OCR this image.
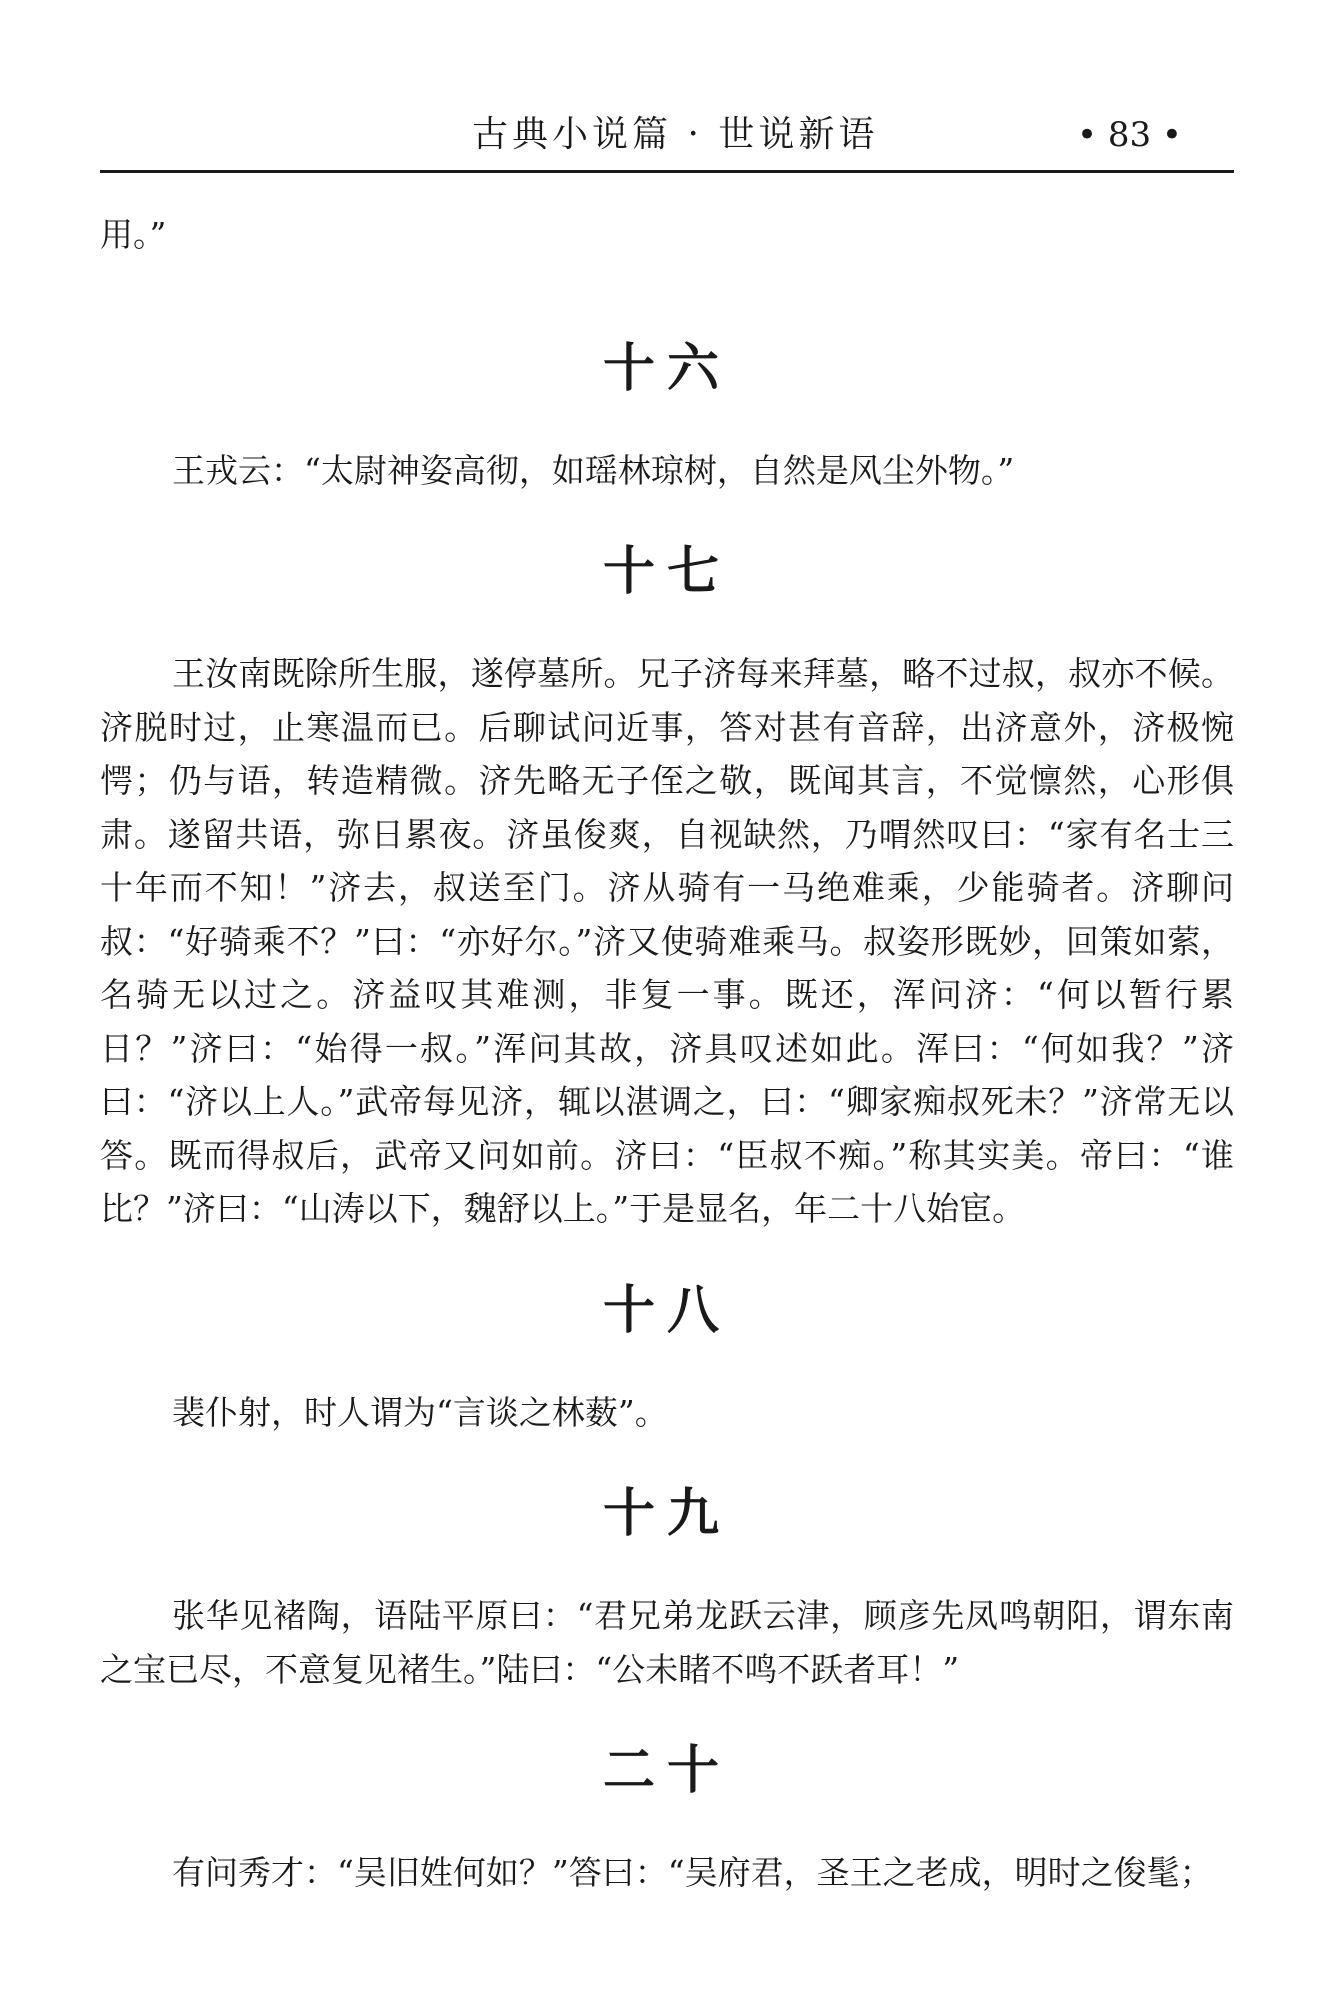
古典小说篇 · 世说新语	• 83 •

用。”

十六

王戎云：“太尉神姿高彻，如瑶林琼树，自然是风尘外物。”

十七

王汝南既除所生服，遂停墓所。兄子济每来拜墓，略不过叔，叔亦不候。济脱时过，止寒温而已。后聊试问近事，答对甚有音辞，出济意外，济极惋愕；仍与语，转造精微。济先略无子侄之敬，既闻其言，不觉懔然，心形俱肃。遂留共语，弥日累夜。济虽俊爽，自视缺然，乃喟然叹曰：“家有名士三十年而不知！”济去，叔送至门。济从骑有一马绝难乘，少能骑者。济聊问叔：“好骑乘不？”曰：“亦好尔。”济又使骑难乘马。叔姿形既妙，回策如萦，名骑无以过之。济益叹其难测，非复一事。既还，浑问济：“何以暂行累日？”济曰：“始得一叔。”浑问其故，济具叹述如此。浑曰：“何如我？”济曰：“济以上人。”武帝每见济，辄以湛调之，曰：“卿家痴叔死未？”济常无以答。既而得叔后，武帝又问如前。济曰：“臣叔不痴。”称其实美。帝曰：“谁比？”济曰：“山涛以下，魏舒以上。”于是显名，年二十八始宦。

十八

裴仆射，时人谓为“言谈之林薮”。

十九

张华见褚陶，语陆平原曰：“君兄弟龙跃云津，顾彦先凤鸣朝阳，谓东南之宝已尽，不意复见褚生。”陆曰：“公未睹不鸣不跃者耳！”

二十

有问秀才：“吴旧姓何如？”答曰：“吴府君，圣王之老成，明时之俊髦；
